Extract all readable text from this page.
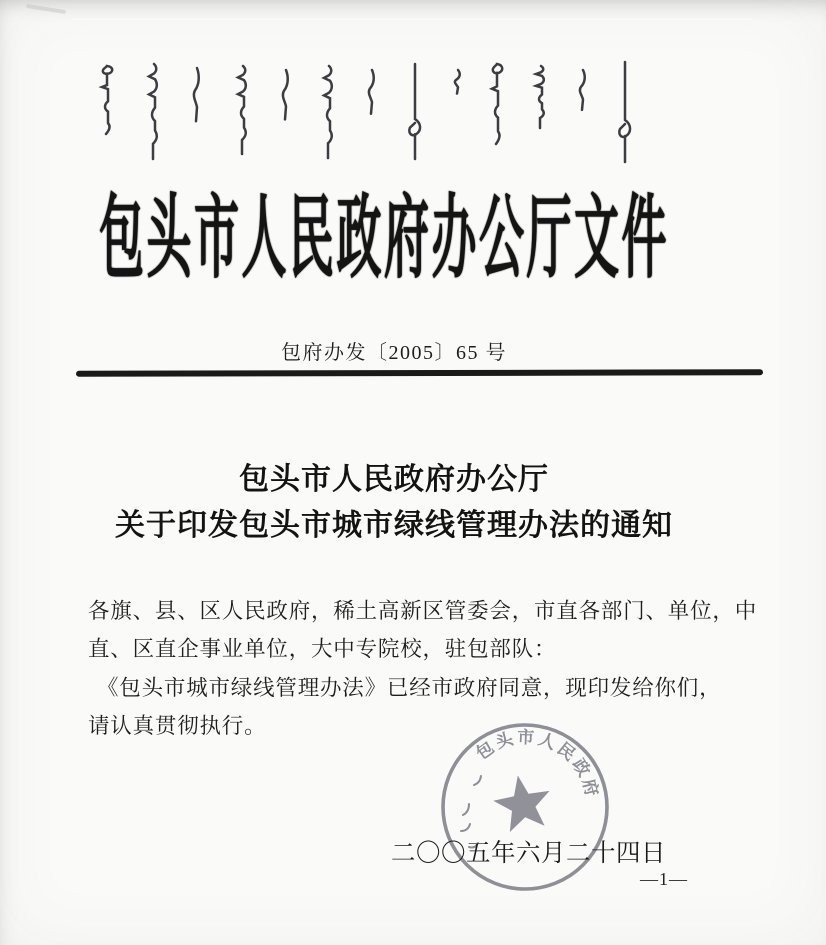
包头市人民政府办公厅文件
包府办发〔2005〕65 号
包头市人民政府办公厅
关于印发包头市城市绿线管理办法的通知
各旗、县、区人民政府，稀土高新区管委会，市直各部门、单位，中
直、区直企事业单位，大中专院校，驻包部队：
《包头市城市绿线管理办法》已经市政府同意，现印发给你们，
请认真贯彻执行。
包头市人民政府
二〇〇五年六月二十四日
—1—
